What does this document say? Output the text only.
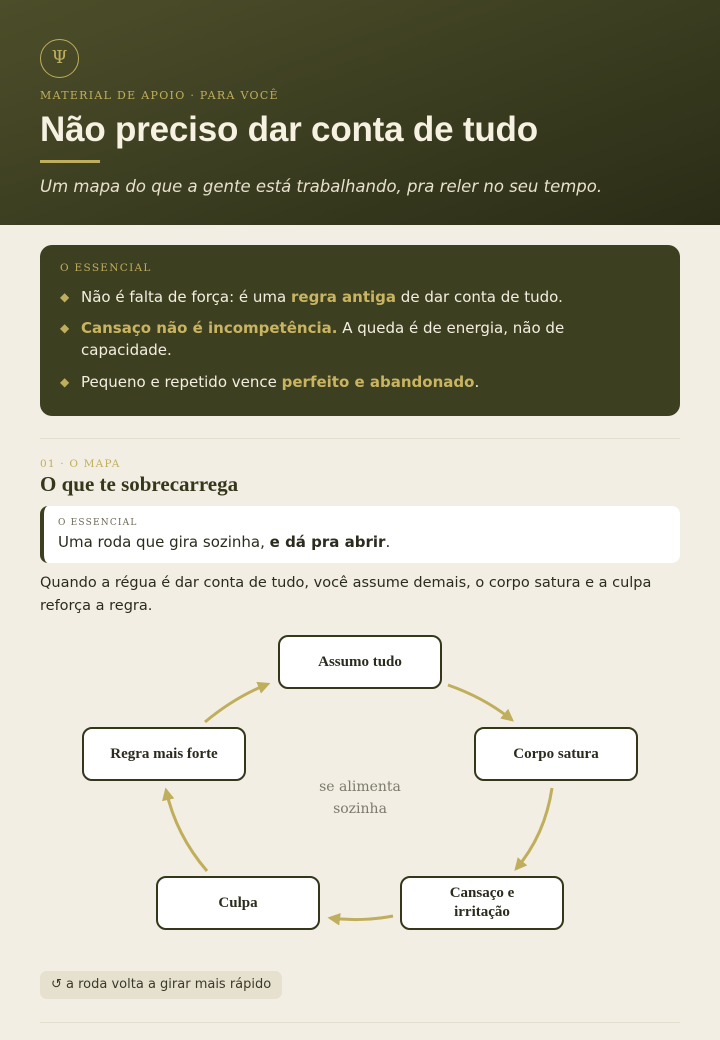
Ψ
MATERIAL DE APOIO · PARA VOCÊ
Não preciso dar conta de tudo
Um mapa do que a gente está trabalhando, pra reler no seu tempo.
O ESSENCIAL
◆ Não é falta de força: é uma regra antiga de dar conta de tudo.
◆ Cansaço não é incompetência. A queda é de energia, não de capacidade.
◆ Pequeno e repetido vence perfeito e abandonado.
01 · O MAPA
O que te sobrecarrega
O ESSENCIAL
Uma roda que gira sozinha, e dá pra abrir.

Quando a régua é dar conta de tudo, você assume demais, o corpo satura e a culpa reforça a regra.

Assumo tudo
Corpo satura
Cansaço e irritação
Culpa
Regra mais forte
se alimenta
sozinha
↺ a roda volta a girar mais rápido
